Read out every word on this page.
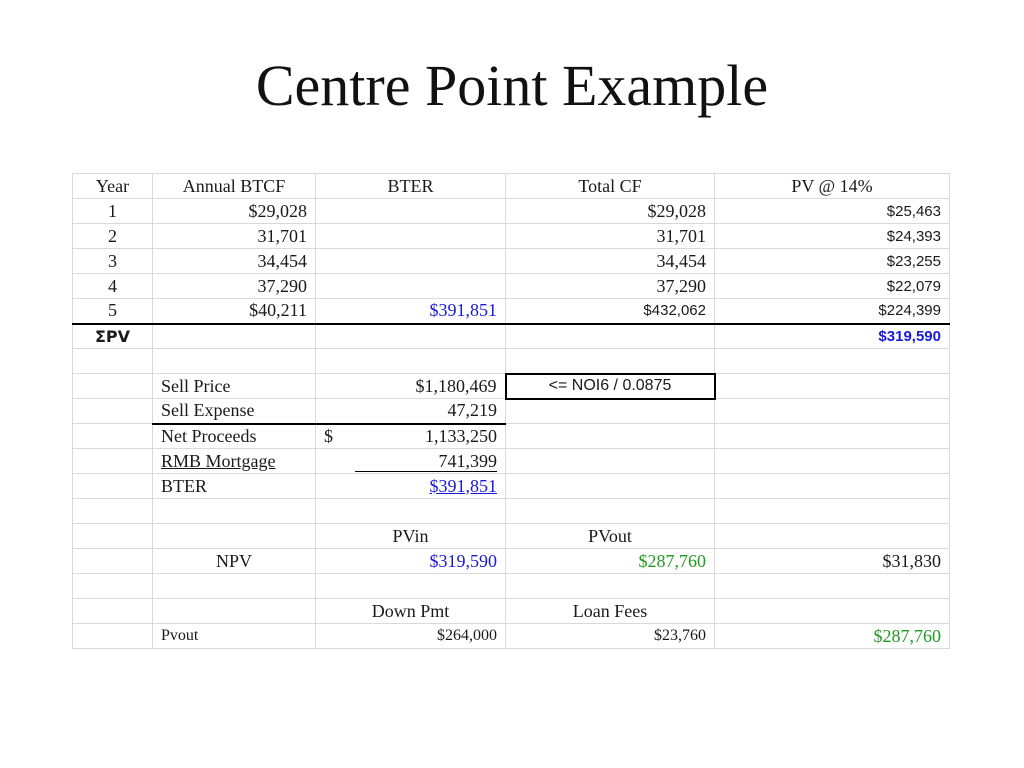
Centre Point Example
Year	Annual BTCF	BTER	Total CF	PV @ 14%
1	$29,028		$29,028	$25,463
2	31,701		31,701	$24,393
3	34,454		34,454	$23,255
4	37,290		37,290	$22,079
5	$40,211	$391,851	$432,062	$224,399
ΣPV				$319,590

	Sell Price	$1,180,469	<= NOI6 / 0.0875	
	Sell Expense	47,219		
	Net Proceeds	$ 1,133,250		

	RMB Mortgage	741,399		
	BTER	$391,851		

		PVin	PVout	
	NPV	$319,590	$287,760	$31,830

		Down Pmt	Loan Fees	
	Pvout	$264,000	$23,760	$287,760
